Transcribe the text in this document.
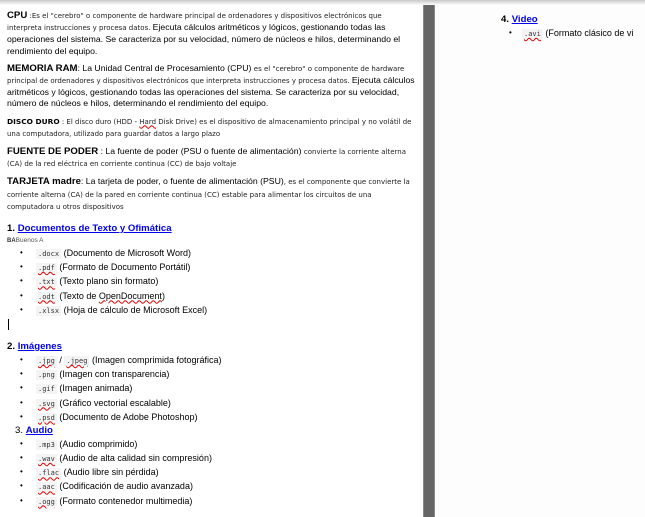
CPU :Es el "cerebro" o componente de hardware principal de ordenadores y dispositivos electrónicos que interpreta instrucciones y procesa datos. Ejecuta cálculos aritméticos y lógicos, gestionando todas las operaciones del sistema. Se caracteriza por su velocidad, número de núcleos e hilos, determinando el rendimiento del equipo.

MEMORIA RAM: La Unidad Central de Procesamiento (CPU) es el "cerebro" o componente de hardware principal de ordenadores y dispositivos electrónicos que interpreta instrucciones y procesa datos. Ejecuta cálculos aritméticos y lógicos, gestionando todas las operaciones del sistema. Se caracteriza por su velocidad, número de núcleos e hilos, determinando el rendimiento del equipo.

DISCO DURO : El disco duro (HDD - Hard Disk Drive) es el dispositivo de almacenamiento principal y no volátil de una computadora, utilizado para guardar datos a largo plazo

FUENTE DE PODER : La fuente de poder (PSU o fuente de alimentación) convierte la corriente alterna (CA) de la red eléctrica en corriente continua (CC) de bajo voltaje

TARJETA madre: La tarjeta de poder, o fuente de alimentación (PSU), es el componente que convierte la corriente alterna (CA) de la pared en corriente continua (CC) estable para alimentar los circuitos de una computadora u otros dispositivos

1. Documentos de Texto y Ofimática
BABuenos A
• .docx (Documento de Microsoft Word)
• .pdf (Formato de Documento Portátil)
• .txt (Texto plano sin formato)
• .odt (Texto de OpenDocument)
• .xlsx (Hoja de cálculo de Microsoft Excel)
2. Imágenes
• .jpg / .jpeg (Imagen comprimida fotográfica)
• .png (Imagen con transparencia)
• .gif (Imagen animada)
• .svg (Gráfico vectorial escalable)
• .psd (Documento de Adobe Photoshop)
3. Audio
• .mp3 (Audio comprimido)
• .wav (Audio de alta calidad sin compresión)
• .flac (Audio libre sin pérdida)
• .aac (Codificación de audio avanzada)
• .ogg (Formato contenedor multimedia)
4. Video
• .avi (Formato clásico de vi
